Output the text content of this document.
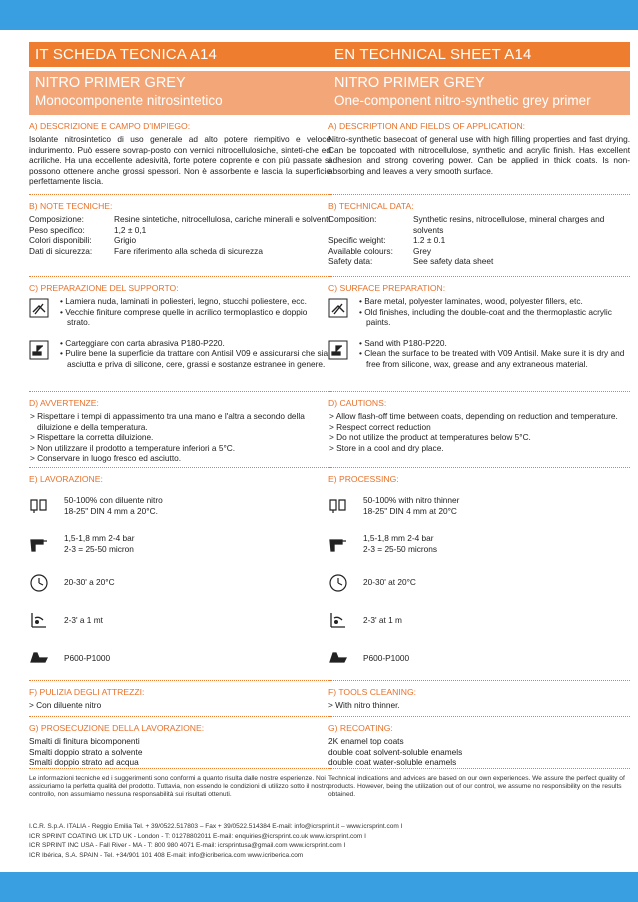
IT SCHEDA TECNICA A14
NITRO PRIMER GREY
Monocomponente nitrosintetico
A) DESCRIZIONE E CAMPO D'IMPIEGO:
Isolante nitrosintetico di uso generale ad alto potere riempitivo e veloce indurimento. Può essere sovrap-posto con vernici nitrocellulosiche, sinteti-che ed acriliche. Ha una eccellente adesività, forte potere coprente e con più passate si possono ottenere anche grossi spessori. Non è assorbente e lascia la superficie perfettamente liscia.
B) NOTE TECNICHE:
Composizione:	Resine sintetiche, nitrocellulosa, cariche minerali e solventi
Peso specifico:	1,2 ± 0,1
Colori disponibili:	Grigio
Dati di sicurezza:	Fare riferimento alla scheda di sicurezza
C) PREPARAZIONE DEL SUPPORTO:
• Lamiera nuda, laminati in poliesteri, legno, stucchi poliestere, ecc.
• Vecchie finiture comprese quelle in acrilico termoplastico e doppio strato.
• Carteggiare con carta abrasiva P180-P220.
• Pulire bene la superficie da trattare con Antisil V09 e assicurarsi che sia asciutta e priva di silicone, cere, grassi e sostanze estranee in genere.
D) AVVERTENZE:
> Rispettare i tempi di appassimento tra una mano e l'altra a secondo della diluizione e della temperatura.
> Rispettare la corretta diluizione.
> Non utilizzare il prodotto a temperature inferiori a 5°C.
> Conservare in luogo fresco ed asciutto.
E) LAVORAZIONE:
50-100% con diluente nitro
18-25" DIN 4 mm a 20°C.
1,5-1,8 mm 2-4 bar
2-3 = 25-50 micron
20-30' a 20°C
2-3' a 1 mt
P600-P1000
F) PULIZIA DEGLI ATTREZZI:
> Con diluente nitro
G) PROSECUZIONE DELLA LAVORAZIONE:
Smalti di finitura bicomponenti
Smalti doppio strato a solvente
Smalti doppio strato ad acqua
Le informazioni tecniche ed i suggerimenti sono conformi a quanto risulta dalle nostre esperienze. Noi assicuriamo la perfetta qualità del prodotto. Tuttavia, non essendo le condizioni di utilizzo sotto il nostro controllo, non assumiamo nessuna responsabilità sui risultati ottenuti.
EN TECHNICAL SHEET A14
NITRO PRIMER GREY
One-component nitro-synthetic grey primer
A) DESCRIPTION AND FIELDS OF APPLICATION:
Nitro-synthetic basecoat of general use with high filling properties and fast drying. Can be topcoated with nitrocellulose, synthetic and acrylic finish. Has excellent adhesion and strong covering power. Can be applied in thick coats. Is non-absorbing and leaves a very smooth surface.
B) TECHNICAL DATA:
Composition:	Synthetic resins, nitrocellulose, mineral charges and solvents
Specific weight:	1.2 ± 0.1
Available colours:	Grey
Safety data:	See safety data sheet
C) SURFACE PREPARATION:
• Bare metal, polyester laminates, wood, polyester fillers, etc.
• Old finishes, including the double-coat and the thermoplastic acrylic paints.
• Sand with P180-P220.
• Clean the surface to be treated with V09 Antisil. Make sure it is dry and free from silicone, wax, grease and any extraneous material.
D) CAUTIONS:
> Allow flash-off time between coats, depending on reduction and temperature.
> Respect correct reduction
> Do not utilize the product at temperatures below 5°C.
> Store in a cool and dry place.
E) PROCESSING:
50-100% with nitro thinner
18-25" DIN 4 mm at 20°C
1,5-1,8 mm 2-4 bar
2-3 = 25-50 microns
20-30' at 20°C
2-3' at 1 m
P600-P1000
F) TOOLS CLEANING:
> With nitro thinner.
G) RECOATING:
2K enamel top coats
double coat solvent-soluble enamels
double coat water-soluble enamels
Technical indications and advices are based on our own experiences. We assure the perfect quality of products. However, being the utilization out of our control, we assume no responsibility on the results obtained.
I.C.R. S.p.A. ITALIA - Reggio Emilia Tel. + 39/0522.517803 – Fax + 39/0522.514384 E-mail: info@icrsprint.it – www.icrsprint.com I
ICR SPRINT COATING UK LTD UK - London - T: 01278802011 E-mail: enquiries@icrsprint.co.uk www.icrsprint.com I
ICR SPRINT INC USA - Fall River - MA - T: 800 980 4071 E-mail: icrsprintusa@gmail.com www.icrsprint.com I
ICR Ibérica, S.A. SPAIN - Tel. +34/901 101 408 E-mail: info@icriberica.com www.icriberica.com
